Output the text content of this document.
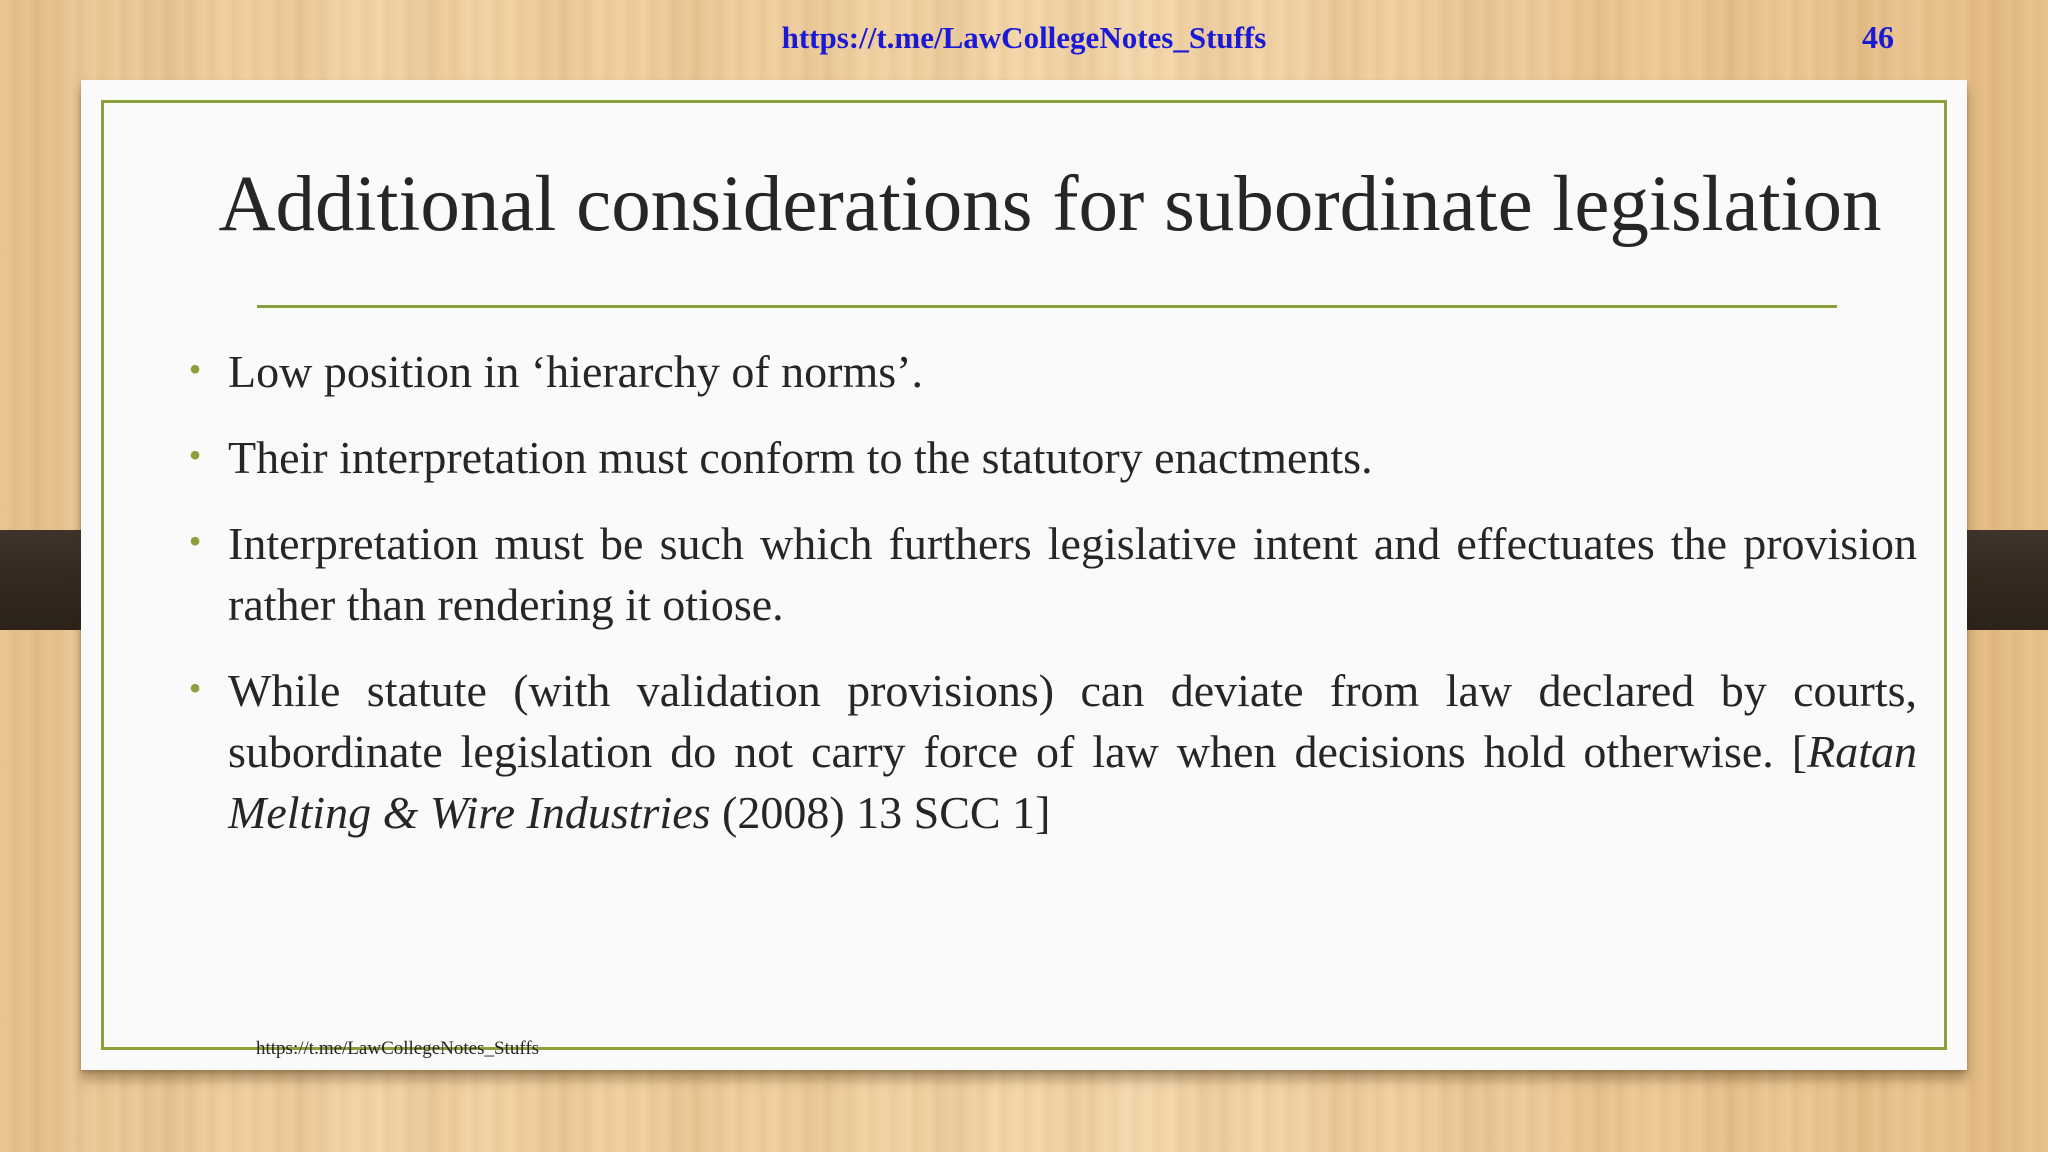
https://t.me/LawCollegeNotes_Stuffs	46
Additional considerations for subordinate legislation
• Low position in ‘hierarchy of norms’.
• Their interpretation must conform to the statutory enactments.
• Interpretation must be such which furthers legislative intent and effectuates the provision rather than rendering it otiose.
• While statute (with validation provisions) can deviate from law declared by courts, subordinate legislation do not carry force of law when decisions hold otherwise. [Ratan Melting & Wire Industries (2008) 13 SCC 1]
https://t.me/LawCollegeNotes_Stuffs
